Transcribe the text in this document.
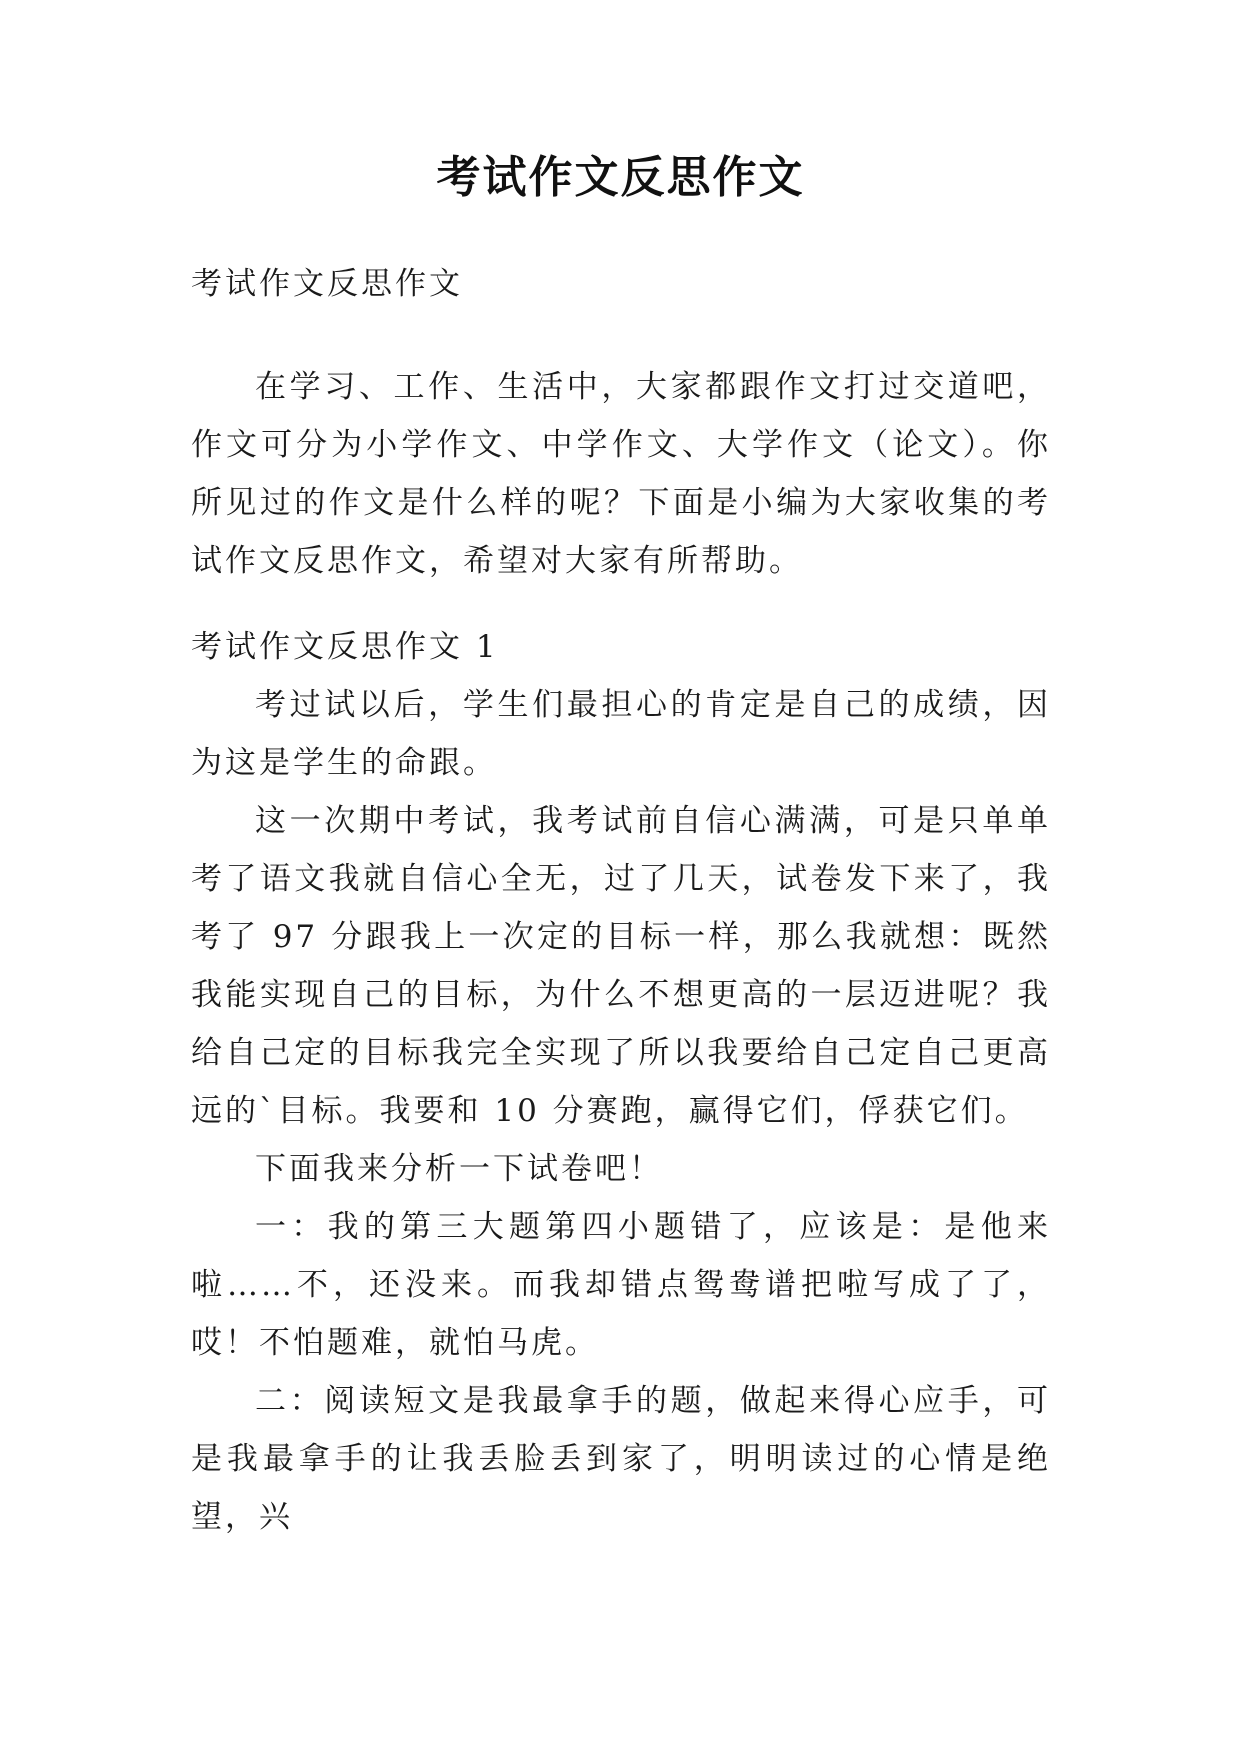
考试作文反思作文

考试作文反思作文

在学习、工作、生活中，大家都跟作文打过交道吧，作文可分为小学作文、中学作文、大学作文（论文）。你所见过的作文是什么样的呢？下面是小编为大家收集的考试作文反思作文，希望对大家有所帮助。

考试作文反思作文 1

考过试以后，学生们最担心的肯定是自己的成绩，因为这是学生的命跟。

这一次期中考试，我考试前自信心满满，可是只单单考了语文我就自信心全无，过了几天，试卷发下来了，我考了 97 分跟我上一次定的目标一样，那么我就想：既然我能实现自己的目标，为什么不想更高的一层迈进呢？我给自己定的目标我完全实现了所以我要给自己定自己更高远的`目标。我要和 10 分赛跑，赢得它们，俘获它们。

下面我来分析一下试卷吧！

一：我的第三大题第四小题错了，应该是：是他来啦……不，还没来。而我却错点鸳鸯谱把啦写成了了，哎！不怕题难，就怕马虎。

二：阅读短文是我最拿手的题，做起来得心应手，可是我最拿手的让我丢脸丢到家了，明明读过的心情是绝望，兴
